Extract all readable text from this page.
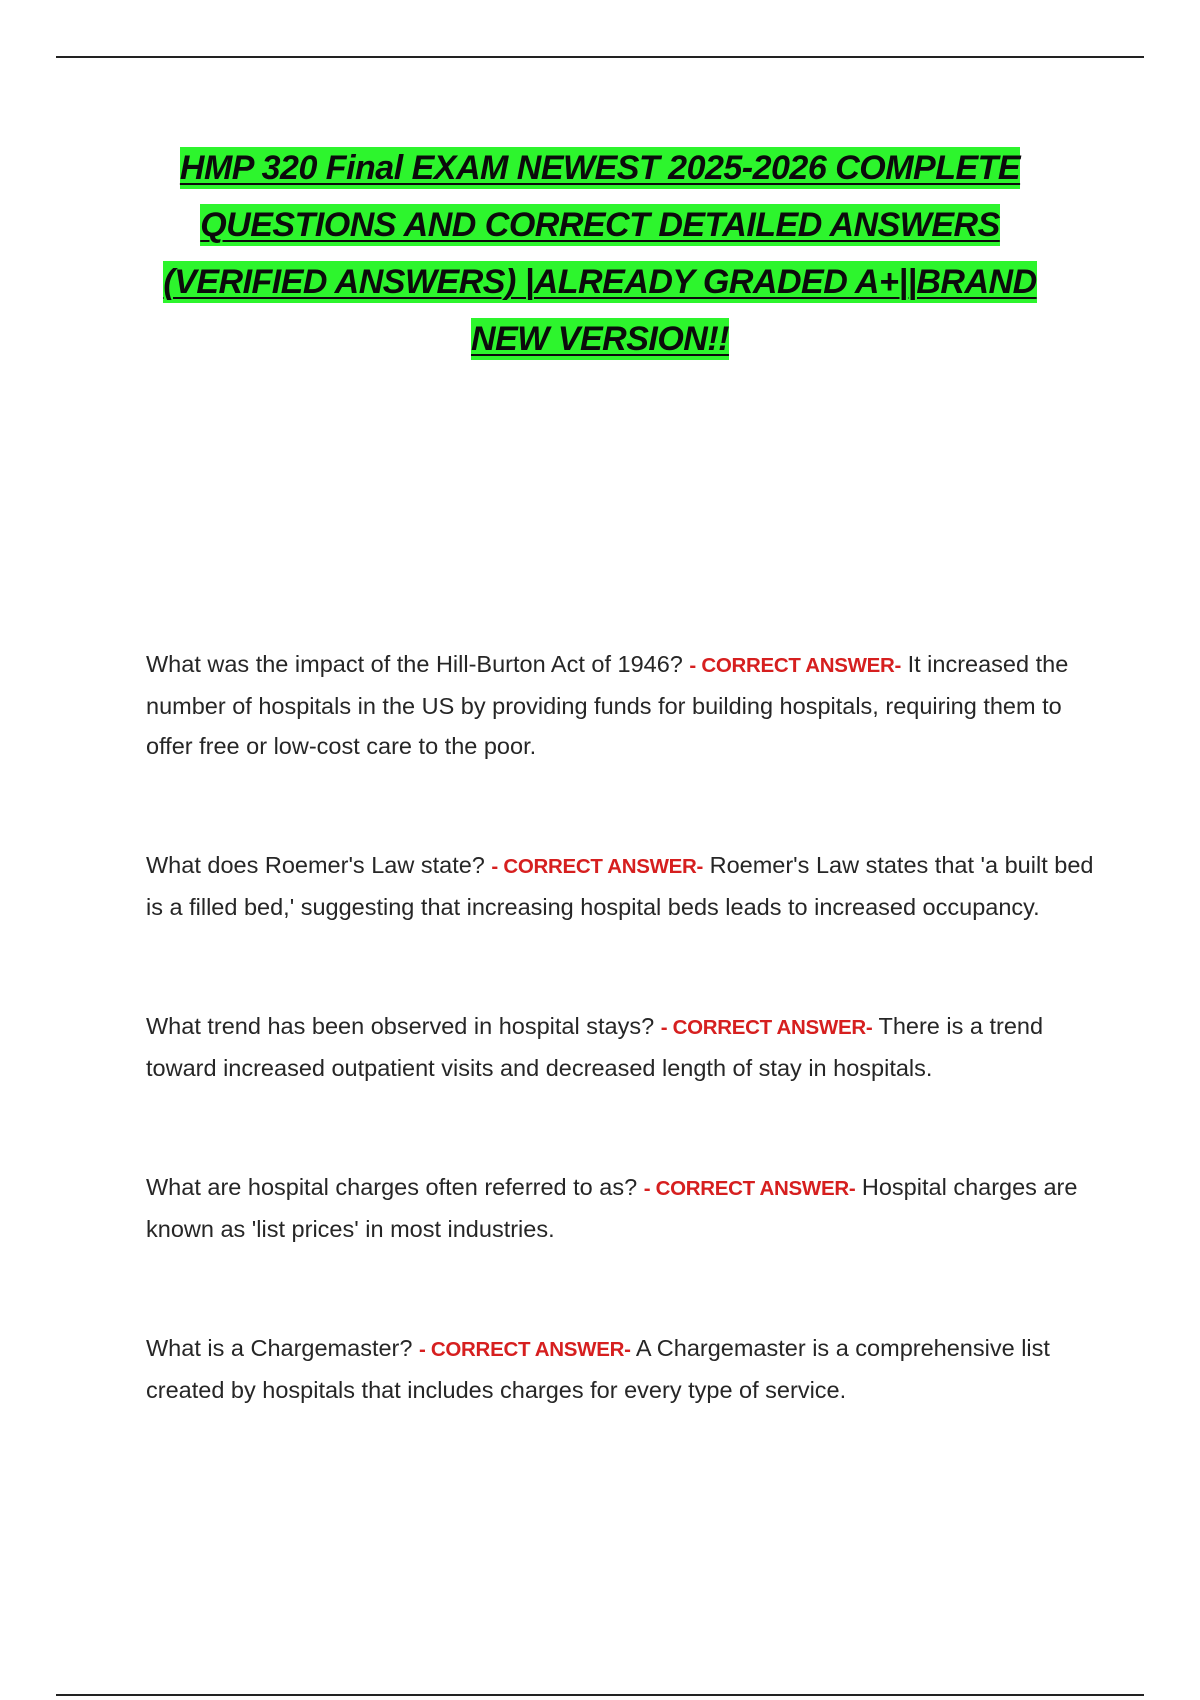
HMP 320 Final EXAM NEWEST 2025-2026 COMPLETE QUESTIONS AND CORRECT DETAILED ANSWERS (VERIFIED ANSWERS) |ALREADY GRADED A+||BRAND NEW VERSION!!
What was the impact of the Hill-Burton Act of 1946? - CORRECT ANSWER- It increased the number of hospitals in the US by providing funds for building hospitals, requiring them to offer free or low-cost care to the poor.
What does Roemer's Law state? - CORRECT ANSWER- Roemer's Law states that 'a built bed is a filled bed,' suggesting that increasing hospital beds leads to increased occupancy.
What trend has been observed in hospital stays? - CORRECT ANSWER- There is a trend toward increased outpatient visits and decreased length of stay in hospitals.
What are hospital charges often referred to as? - CORRECT ANSWER- Hospital charges are known as 'list prices' in most industries.
What is a Chargemaster? - CORRECT ANSWER- A Chargemaster is a comprehensive list created by hospitals that includes charges for every type of service.
